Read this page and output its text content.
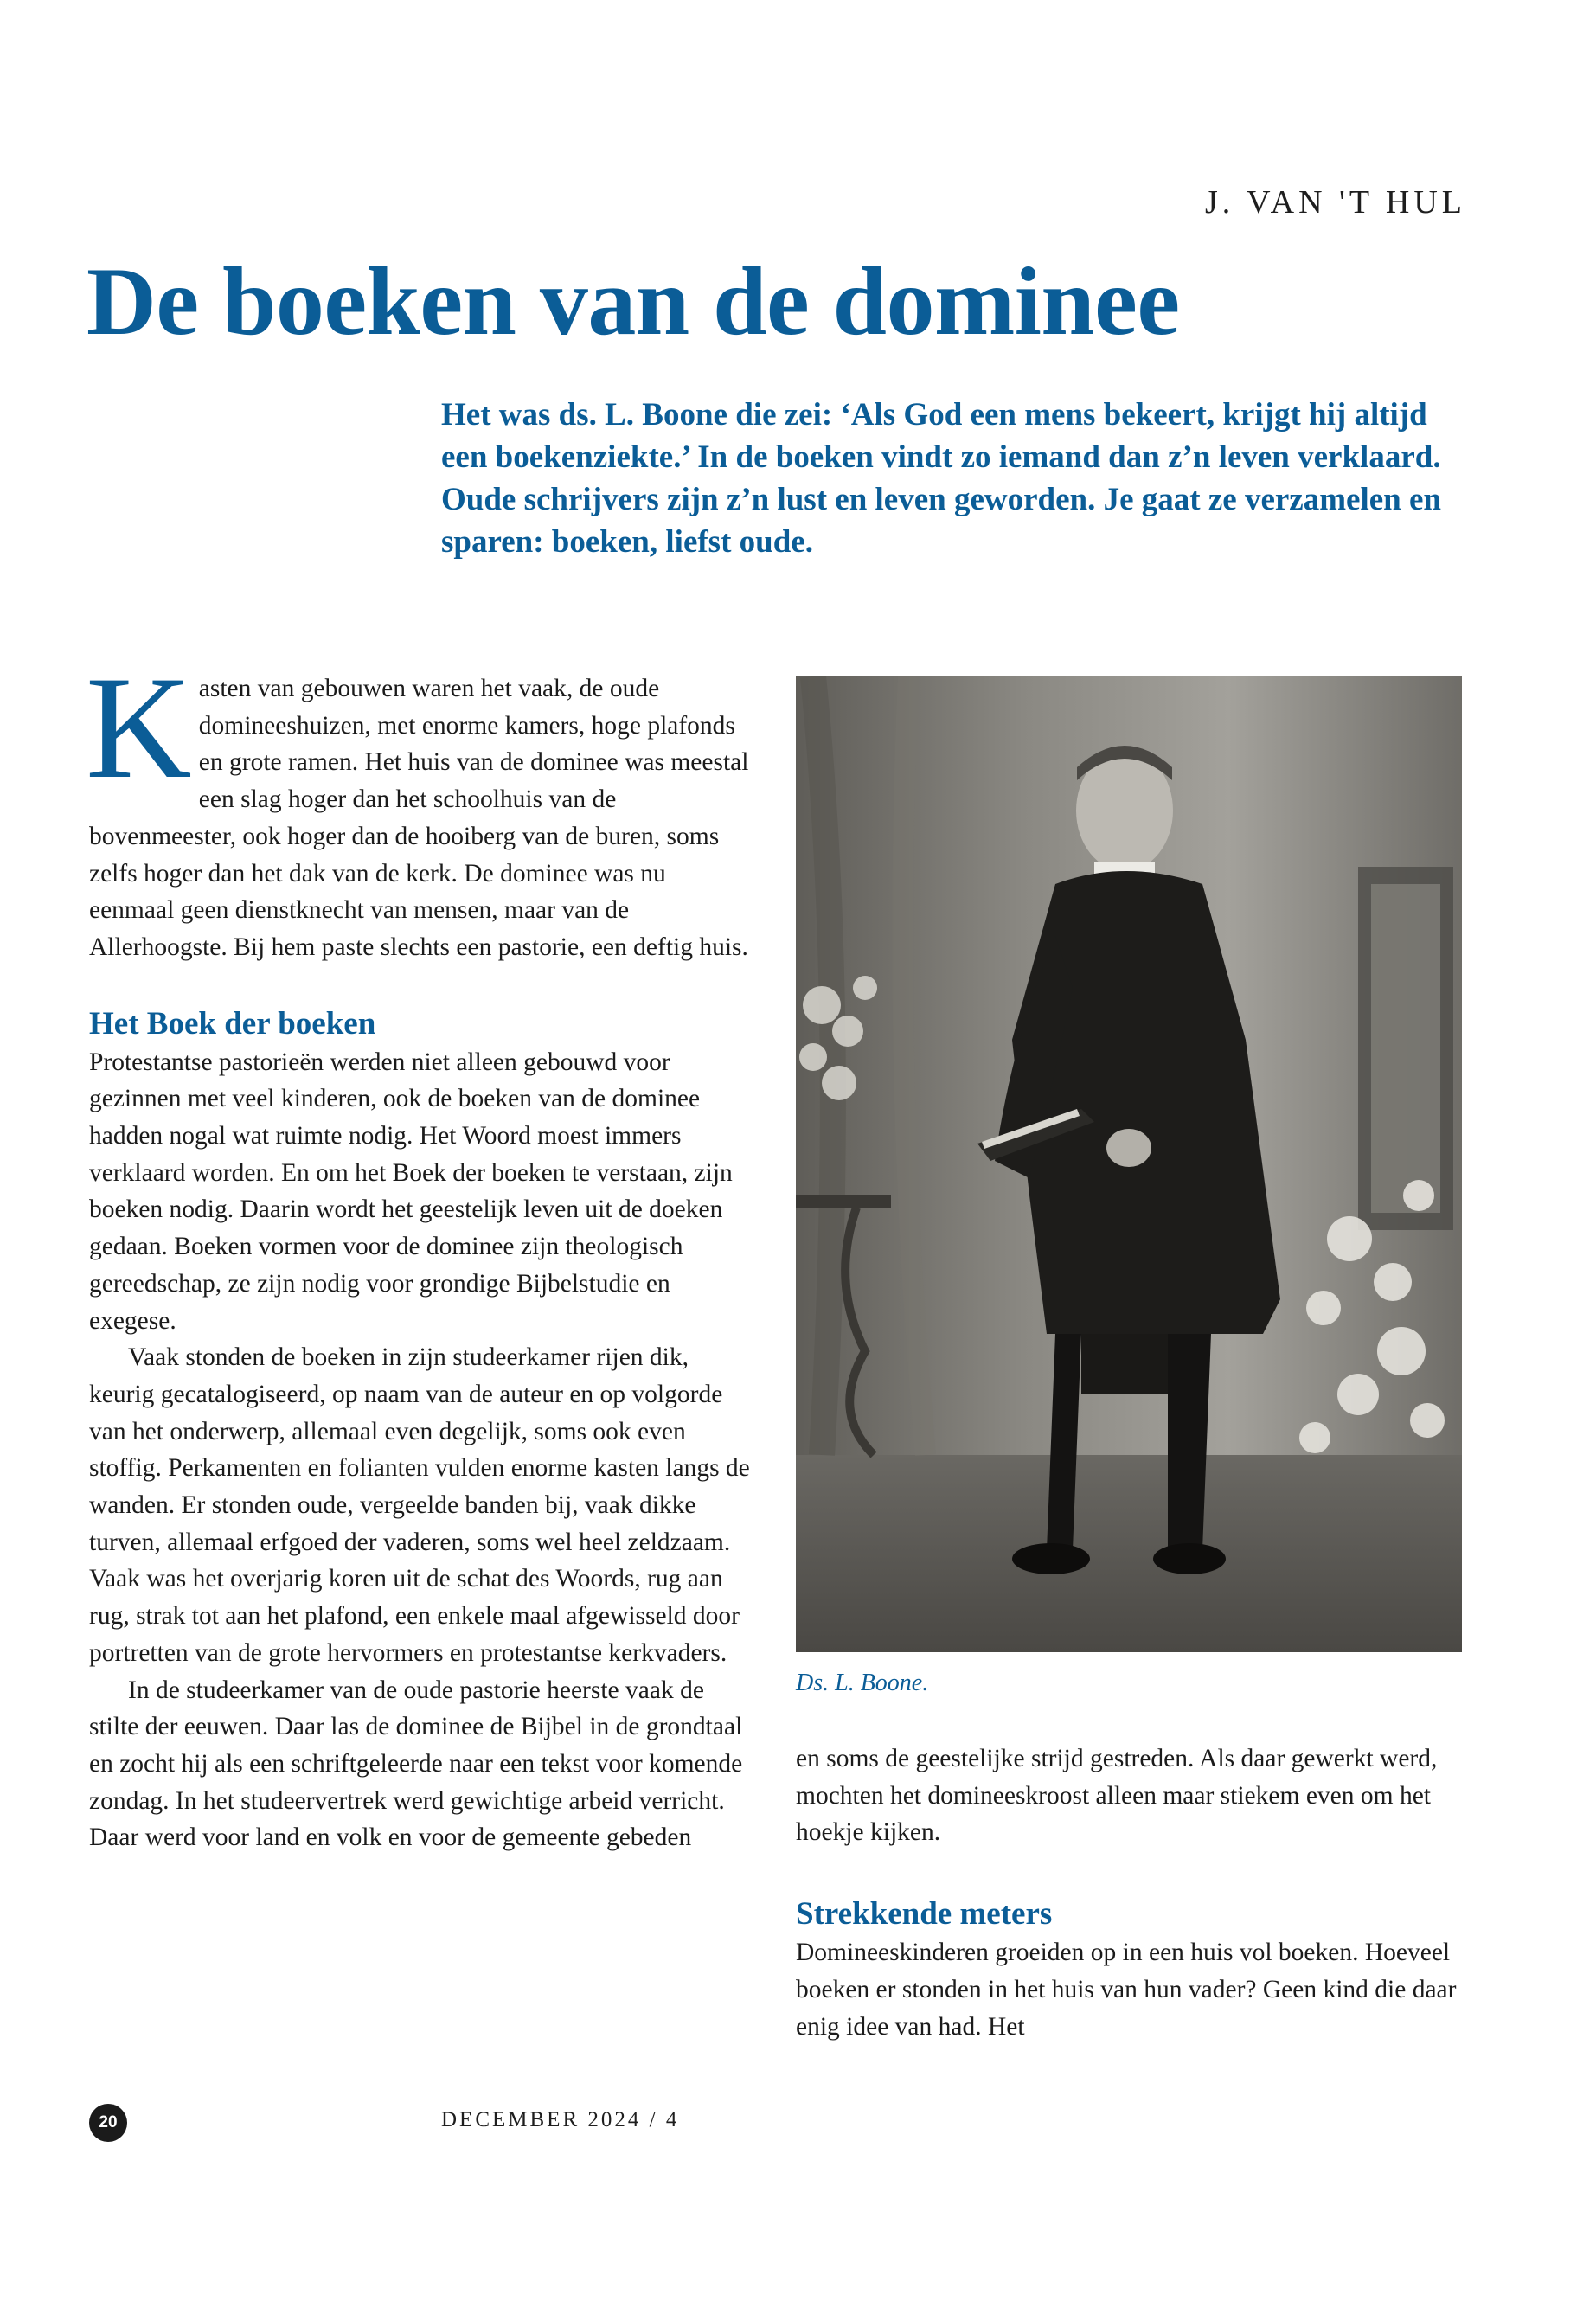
J. VAN 'T HUL
De boeken van de dominee
Het was ds. L. Boone die zei: ‘Als God een mens bekeert, krijgt hij altijd een boekenziekte.’ In de boeken vindt zo iemand dan z’n leven verklaard. Oude schrijvers zijn z’n lust en leven geworden. Je gaat ze verzamelen en sparen: boeken, liefst oude.

Kasten van gebouwen waren het vaak, de oude domineeshuizen, met enorme kamers, hoge plafonds en grote ramen. Het huis van de dominee was meestal een slag hoger dan het schoolhuis van de bovenmeester, ook hoger dan de hooiberg van de buren, soms zelfs hoger dan het dak van de kerk. De dominee was nu eenmaal geen dienstknecht van mensen, maar van de Allerhoogste. Bij hem paste slechts een pastorie, een deftig huis.

Het Boek der boeken

Protestantse pastorieën werden niet alleen gebouwd voor gezinnen met veel kinderen, ook de boeken van de dominee hadden nogal wat ruimte nodig. Het Woord moest immers verklaard worden. En om het Boek der boeken te verstaan, zijn boeken nodig. Daarin wordt het geestelijk leven uit de doeken gedaan. Boeken vormen voor de dominee zijn theologisch gereedschap, ze zijn nodig voor grondige Bijbelstudie en exegese.

Vaak stonden de boeken in zijn studeerkamer rijen dik, keurig gecatalogiseerd, op naam van de auteur en op volgorde van het onderwerp, allemaal even degelijk, soms ook even stoffig. Perkamenten en folianten vulden enorme kasten langs de wanden. Er stonden oude, vergeelde banden bij, vaak dikke turven, allemaal erfgoed der vaderen, soms wel heel zeldzaam. Vaak was het overjarig koren uit de schat des Woords, rug aan rug, strak tot aan het plafond, een enkele maal afgewisseld door portretten van de grote hervormers en protestantse kerkvaders.

In de studeerkamer van de oude pastorie heerste vaak de stilte der eeuwen. Daar las de dominee de Bijbel in de grondtaal en zocht hij als een schriftgeleerde naar een tekst voor komende zondag. In het studeervertrek werd gewichtige arbeid verricht. Daar werd voor land en volk en voor de gemeente gebeden

Ds. L. Boone.

en soms de geestelijke strijd gestreden. Als daar gewerkt werd, mochten het domineeskroost alleen maar stiekem even om het hoekje kijken.

Strekkende meters

Domineeskinderen groeiden op in een huis vol boeken. Hoeveel boeken er stonden in het huis van hun vader? Geen kind die daar enig idee van had. Het

20	DECEMBER 2024 / 4
